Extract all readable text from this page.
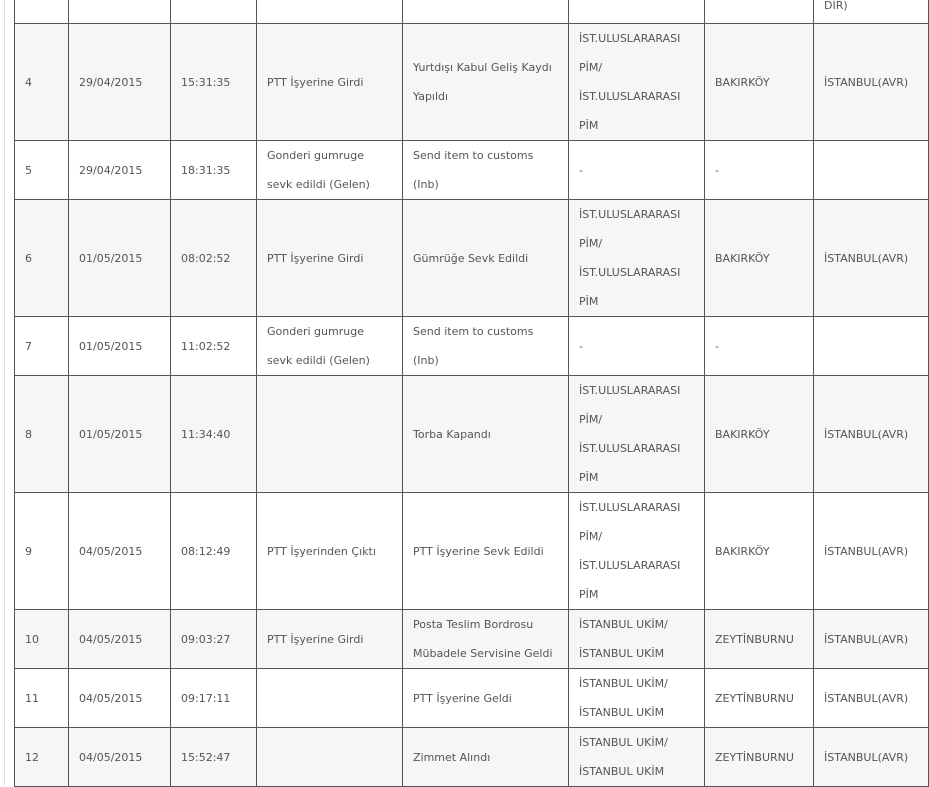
							DİR)
4	29/04/2015	15:31:35	PTT İşyerine Girdi	Yurtdışı Kabul Geliş Kaydı
Yapıldı	İST.ULUSLARARASI
PİM/
İST.ULUSLARARASI
PİM	BAKIRKÖY	İSTANBUL(AVR)
5	29/04/2015	18:31:35	Gonderi gumruge
sevk edildi (Gelen)	Send item to customs
(Inb)	-	-	
6	01/05/2015	08:02:52	PTT İşyerine Girdi	Gümrüğe Sevk Edildi	İST.ULUSLARARASI
PİM/
İST.ULUSLARARASI
PİM	BAKIRKÖY	İSTANBUL(AVR)
7	01/05/2015	11:02:52	Gonderi gumruge
sevk edildi (Gelen)	Send item to customs
(Inb)	-	-	
8	01/05/2015	11:34:40		Torba Kapandı	İST.ULUSLARARASI
PİM/
İST.ULUSLARARASI
PİM	BAKIRKÖY	İSTANBUL(AVR)
9	04/05/2015	08:12:49	PTT İşyerinden Çıktı	PTT İşyerine Sevk Edildi	İST.ULUSLARARASI
PİM/
İST.ULUSLARARASI
PİM	BAKIRKÖY	İSTANBUL(AVR)
10	04/05/2015	09:03:27	PTT İşyerine Girdi	Posta Teslim Bordrosu
Mübadele Servisine Geldi	İSTANBUL UKİM/
İSTANBUL UKİM	ZEYTİNBURNU	İSTANBUL(AVR)
11	04/05/2015	09:17:11		PTT İşyerine Geldi	İSTANBUL UKİM/
İSTANBUL UKİM	ZEYTİNBURNU	İSTANBUL(AVR)
12	04/05/2015	15:52:47		Zimmet Alındı	İSTANBUL UKİM/
İSTANBUL UKİM	ZEYTİNBURNU	İSTANBUL(AVR)
